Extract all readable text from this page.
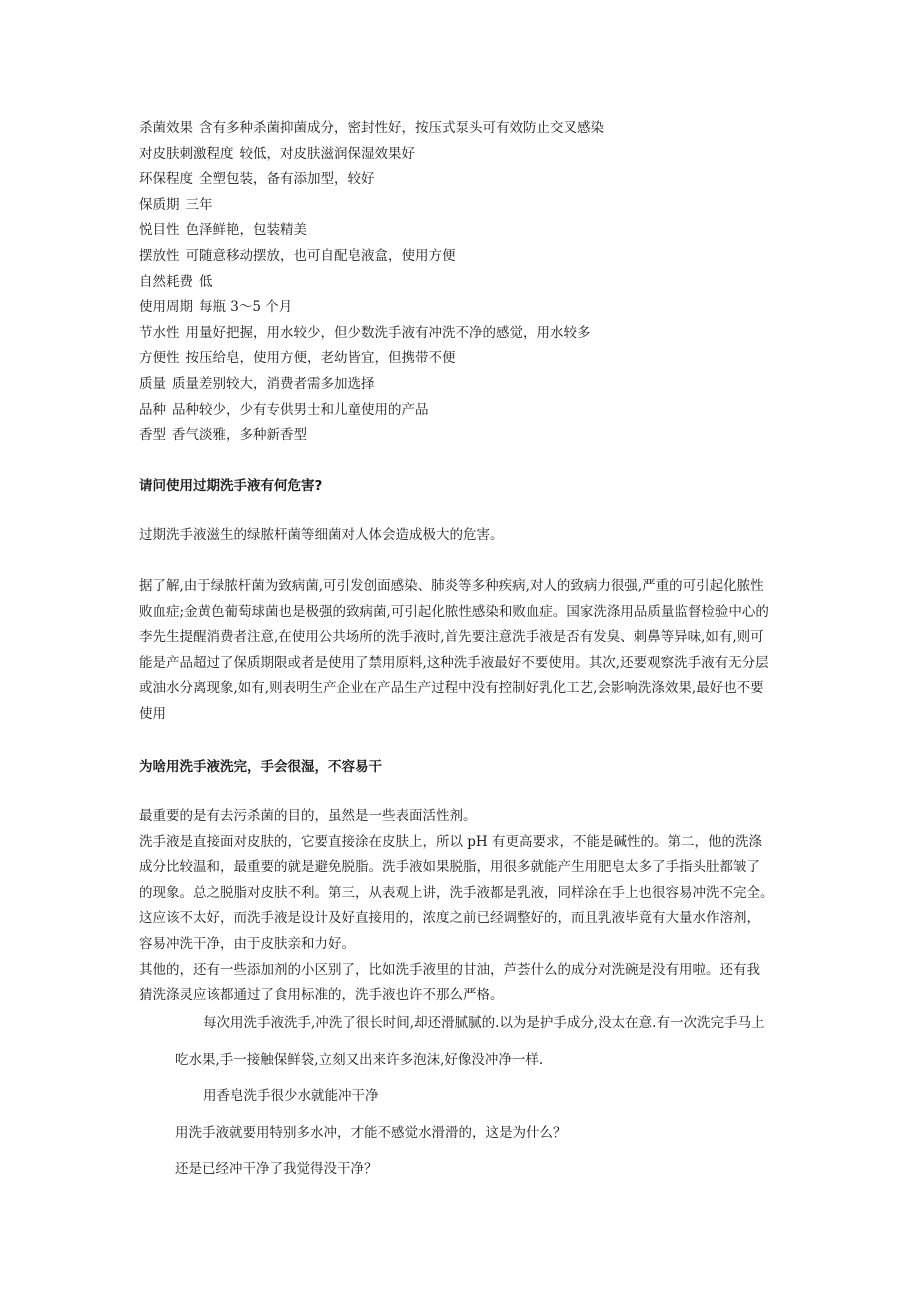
杀菌效果 含有多种杀菌抑菌成分，密封性好，按压式泵头可有效防止交叉感染
对皮肤刺激程度 较低，对皮肤滋润保湿效果好
环保程度 全塑包装，备有添加型，较好
保质期 三年
悦目性 色泽鲜艳，包装精美
摆放性 可随意移动摆放，也可自配皂液盒，使用方便
自然耗费 低
使用周期 每瓶 3～5 个月
节水性 用量好把握，用水较少，但少数洗手液有冲洗不净的感觉，用水较多
方便性 按压给皂，使用方便，老幼皆宜，但携带不便
质量 质量差别较大，消费者需多加选择
品种 品种较少，少有专供男士和儿童使用的产品
香型 香气淡雅，多种新香型
请问使用过期洗手液有何危害?

过期洗手液滋生的绿脓杆菌等细菌对人体会造成极大的危害。

据了解,由于绿脓杆菌为致病菌,可引发创面感染、肺炎等多种疾病,对人的致病力很强,严重的可引起化脓性
败血症;金黄色葡萄球菌也是极强的致病菌,可引起化脓性感染和败血症。国家洗涤用品质量监督检验中心的
李先生提醒消费者注意,在使用公共场所的洗手液时,首先要注意洗手液是否有发臭、刺鼻等异味,如有,则可
能是产品超过了保质期限或者是使用了禁用原料,这种洗手液最好不要使用。其次,还要观察洗手液有无分层
或油水分离现象,如有,则表明生产企业在产品生产过程中没有控制好乳化工艺,会影响洗涤效果,最好也不要
使用

为啥用洗手液洗完，手会很湿，不容易干

最重要的是有去污杀菌的目的，虽然是一些表面活性剂。
洗手液是直接面对皮肤的，它要直接涂在皮肤上，所以 pH 有更高要求，不能是碱性的。第二，他的洗涤
成分比较温和，最重要的就是避免脱脂。洗手液如果脱脂，用很多就能产生用肥皂太多了手指头肚都皱了
的现象。总之脱脂对皮肤不利。第三，从表观上讲，洗手液都是乳液，同样涂在手上也很容易冲洗不完全。
这应该不太好，而洗手液是设计及好直接用的，浓度之前已经调整好的，而且乳液毕竟有大量水作溶剂，
容易冲洗干净，由于皮肤亲和力好。
其他的，还有一些添加剂的小区别了，比如洗手液里的甘油，芦荟什么的成分对洗碗是没有用啦。还有我
猜洗涤灵应该都通过了食用标准的，洗手液也许不那么严格。

每次用洗手液洗手,冲洗了很长时间,却还滑腻腻的.以为是护手成分,没太在意.有一次洗完手马上
吃水果,手一接触保鲜袋,立刻又出来许多泡沫,好像没冲净一样.
用香皂洗手很少水就能冲干净
用洗手液就要用特别多水冲，才能不感觉水滑滑的，这是为什么？
还是已经冲干净了我觉得没干净？
